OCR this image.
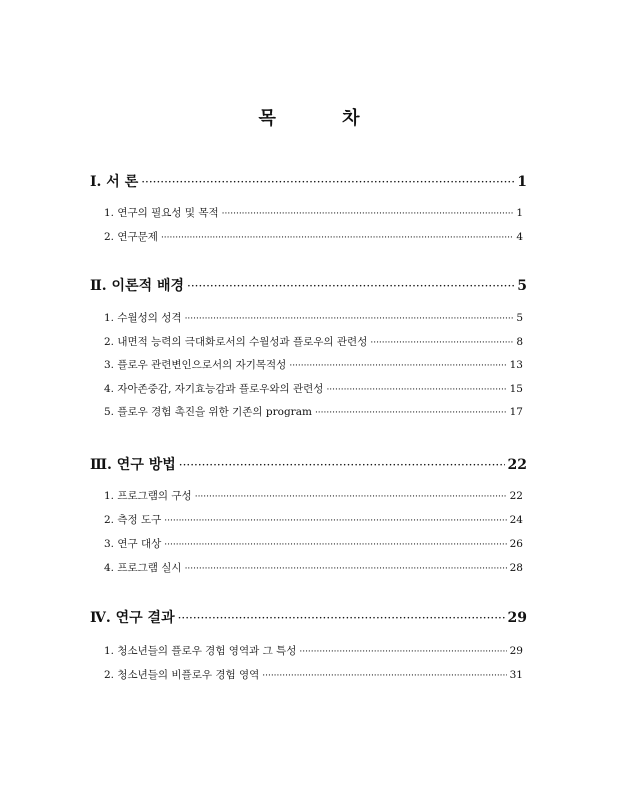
목 차
Ⅰ. 서 론 ·····	1
1. 연구의 필요성 및 목적 ·····	1
2. 연구문제 ·····	4
Ⅱ. 이론적 배경 ·····	5
1. 수월성의 성격 ·····	5
2. 내면적 능력의 극대화로서의 수월성과 플로우의 관련성 ·····	8
3. 플로우 관련변인으로서의 자기목적성 ·····	13
4. 자아존중감, 자기효능감과 플로우와의 관련성 ·····	15
5. 플로우 경험 촉진을 위한 기존의 program ·····	17
Ⅲ. 연구 방법 ·····	22
1. 프로그램의 구성 ·····	22
2. 측정 도구 ·····	24
3. 연구 대상 ·····	26
4. 프로그램 실시 ·····	28
Ⅳ. 연구 결과 ·····	29
1. 청소년들의 플로우 경험 영역과 그 특성 ·····	29
2. 청소년들의 비플로우 경험 영역 ·····	31
